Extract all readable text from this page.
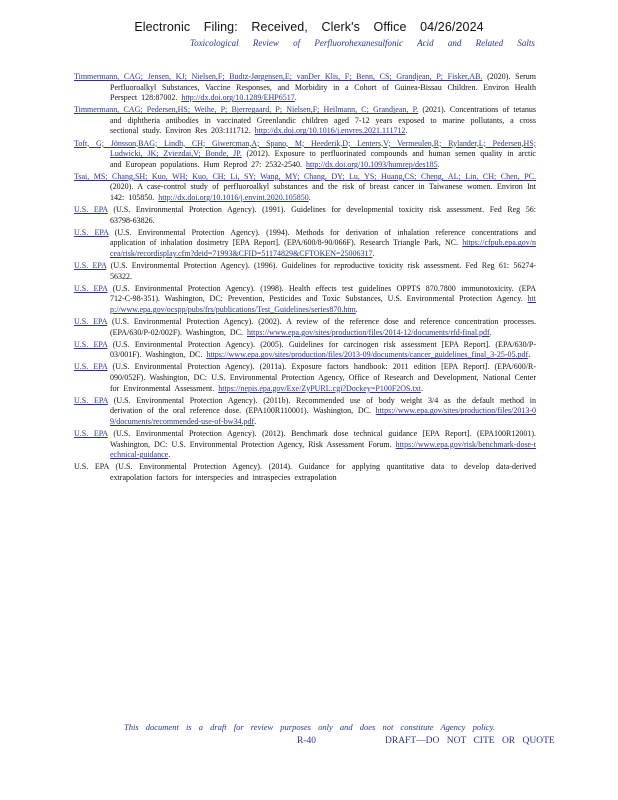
Electronic Filing: Received, Clerk's Office 04/26/2024
Toxicological Review of Perfluorohexanesulfonic Acid and Related Salts

Timmermann, CAG; Jensen, KJ; Nielsen,F; Budtz-Jørgensen,E; vanDer Klis, F; Benn, CS; Grandjean, P; Fisker,AB. (2020). Serum Perfluoroalkyl Substances, Vaccine Responses, and Morbidity in a Cohort of Guinea-Bissau Children. Environ Health Perspect 128:87002. http://dx.doi.org/10.1289/EHP6517.

Timmermann, CAG; Pedersen,HS; Weihe, P; Bjerregaard, P; Nielsen,F; Heilmann, C; Grandjean, P. (2021). Concentrations of tetanus and diphtheria antibodies in vaccinated Greenlandic children aged 7-12 years exposed to marine pollutants, a cross sectional study. Environ Res 203:111712. http://dx.doi.org/10.1016/j.envres.2021.111712.

Toft, G; Jönsson,BAG; Lindh, CH; Giwercman,A; Spano, M; Heederik,D; Lenters,V; Vermeulen,R; Rylander,L; Pedersen,HS; Ludwicki, JK; Zviezdai,V; Bonde, JP. (2012). Exposure to perfluorinated compounds and human semen quality in arctic and European populations. Hum Reprod 27: 2532-2540. http://dx.doi.org/10.1093/humrep/des185.

Tsai, MS; Chang,SH; Kuo, WH; Kuo, CH; Li, SY; Wang, MY; Chang, DY; Lu, YS; Huang,CS; Cheng, AL; Lin, CH; Chen, PC. (2020). A case-control study of perfluoroalkyl substances and the risk of breast cancer in Taiwanese women. Environ Int 142: 105850. http://dx.doi.org/10.1016/j.envint.2020.105850.

U.S. EPA (U.S. Environmental Protection Agency). (1991). Guidelines for developmental toxicity risk assessment. Fed Reg 56: 63798-63826.

U.S. EPA (U.S. Environmental Protection Agency). (1994). Methods for derivation of inhalation reference concentrations and application of inhalation dosimetry [EPA Report]. (EPA/600/8-90/066F). Research Triangle Park, NC. https://cfpub.epa.gov/ncea/risk/recordisplay.cfm?deid=71993&CFID=51174829&CFTOKEN=25006317.

U.S. EPA (U.S. Environmental Protection Agency). (1996). Guidelines for reproductive toxicity risk assessment. Fed Reg 61: 56274-56322.

U.S. EPA (U.S. Environmental Protection Agency). (1998). Health effects test guidelines OPPTS 870.7800 immunotoxicity. (EPA 712-C-98-351). Washington, DC: Prevention, Pesticides and Toxic Substances, U.S. Environmental Protection Agency. http://www.epa.gov/ocspp/pubs/frs/publications/Test_Guidelines/series870.htm.

U.S. EPA (U.S. Environmental Protection Agency). (2002). A review of the reference dose and reference concentration processes. (EPA/630/P-02/002F). Washington, DC. https://www.epa.gov/sites/production/files/2014-12/documents/rfd-final.pdf.

U.S. EPA (U.S. Environmental Protection Agency). (2005). Guidelines for carcinogen risk assessment [EPA Report]. (EPA/630/P-03/001F). Washington, DC. https://www.epa.gov/sites/production/files/2013-09/documents/cancer_guidelines_final_3-25-05.pdf.

U.S. EPA (U.S. Environmental Protection Agency). (2011a). Exposure factors handbook: 2011 edition [EPA Report]. (EPA/600/R-090/052F). Washington, DC: U.S. Environmental Protection Agency, Office of Research and Development, National Center for Environmental Assessment. https://nepis.epa.gov/Exe/ZyPURL.cgi?Dockey=P100F2OS.txt.

U.S. EPA (U.S. Environmental Protection Agency). (2011b). Recommended use of body weight 3/4 as the default method in derivation of the oral reference dose. (EPA100R110001). Washington, DC. https://www.epa.gov/sites/production/files/2013-09/documents/recommended-use-of-bw34.pdf.

U.S. EPA (U.S. Environmental Protection Agency). (2012). Benchmark dose technical guidance [EPA Report]. (EPA100R12001). Washington, DC: U.S. Environmental Protection Agency, Risk Assessment Forum. https://www.epa.gov/risk/benchmark-dose-technical-guidance.

U.S. EPA (U.S. Environmental Protection Agency). (2014). Guidance for applying quantitative data to develop data-derived extrapolation factors for interspecies and intraspecies extrapolation

This document is a draft for review purposes only and does not constitute Agency policy.
R-40	DRAFT—DO NOT CITE OR QUOTE
